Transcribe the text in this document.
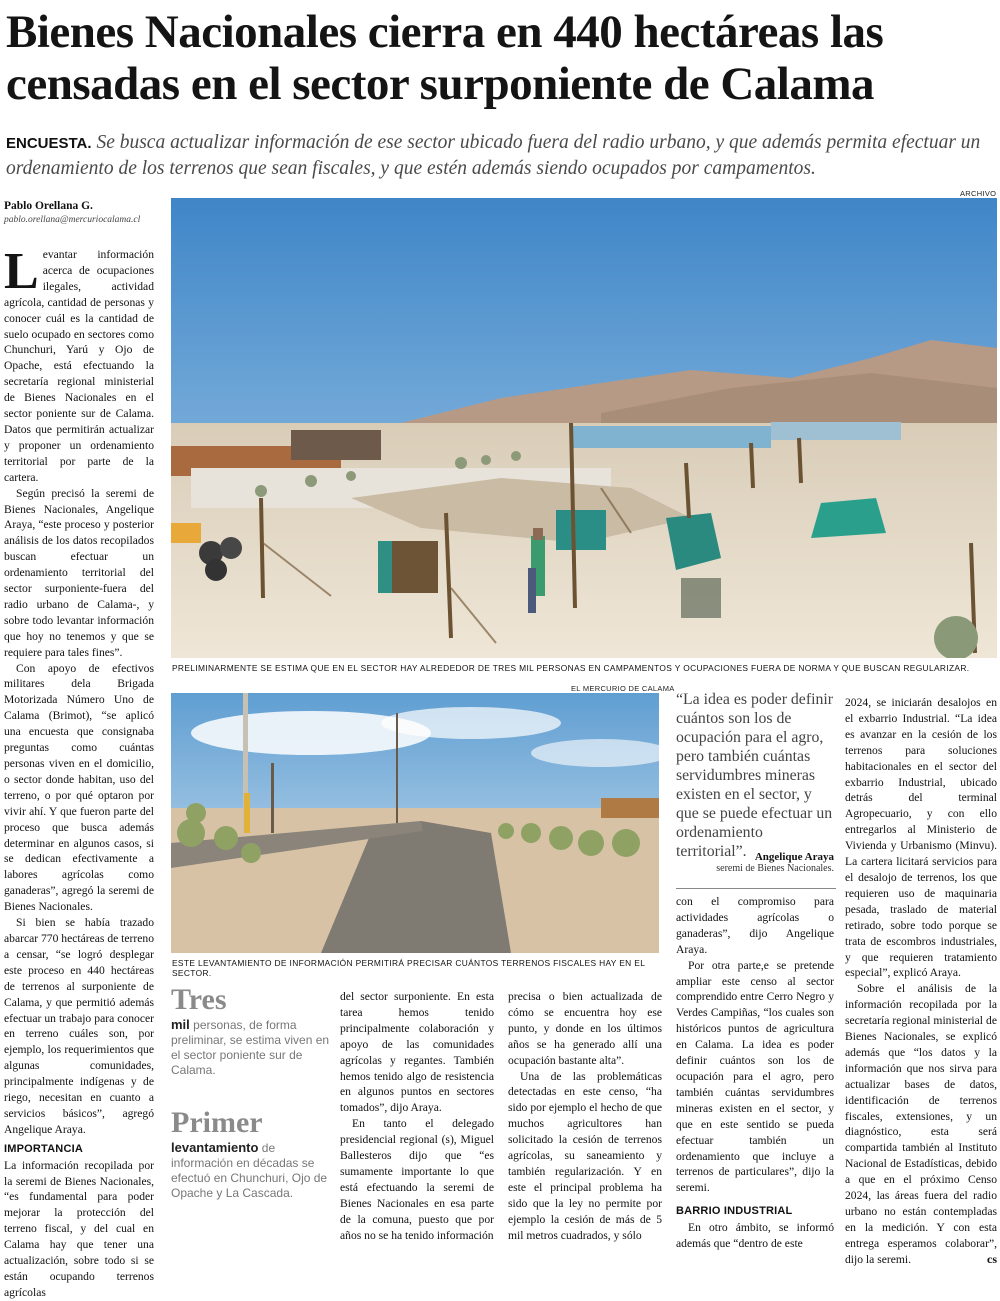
Bienes Nacionales cierra en 440 hectáreas las censadas en el sector surponiente de Calama
ENCUESTA. Se busca actualizar información de ese sector ubicado fuera del radio urbano, y que además permita efectuar un ordenamiento de los terrenos que sean fiscales, y que estén además siendo ocupados por campamentos.
Pablo Orellana G.
pablo.orellana@mercuriocalama.cl
ARCHIVO
PRELIMINARMENTE SE ESTIMA QUE EN EL SECTOR HAY ALREDEDOR DE TRES MIL PERSONAS EN CAMPAMENTOS Y OCUPACIONES FUERA DE NORMA Y QUE BUSCAN REGULARIZAR.
EL MERCURIO DE CALAMA
ESTE LEVANTAMIENTO DE INFORMACIÓN PERMITIRÁ PRECISAR CUÁNTOS TERRENOS FISCALES HAY EN EL SECTOR.

Levantar información acerca de ocupaciones ilegales, actividad agrícola, cantidad de personas y conocer cuál es la cantidad de suelo ocupado en sectores como Chunchuri, Yarú y Ojo de Opache, está efectuando la secretaría regional ministerial de Bienes Nacionales en el sector poniente sur de Calama. Datos que permitirán actualizar y proponer un ordenamiento territorial por parte de la cartera.

Según precisó la seremi de Bienes Nacionales, Angelique Araya, “este proceso y posterior análisis de los datos recopilados buscan efectuar un ordenamiento territorial del sector surponiente-fuera del radio urbano de Calama-, y sobre todo levantar información que hoy no tenemos y que se requiere para tales fines”.

Con apoyo de efectivos militares dela Brigada Motorizada Número Uno de Calama (Brimot), “se aplicó una encuesta que consignaba preguntas como cuántas personas viven en el domicilio, o sector donde habitan, uso del terreno, o por qué optaron por vivir ahí. Y que fueron parte del proceso que busca además determinar en algunos casos, si se dedican efectivamente a labores agrícolas como ganaderas”, agregó la seremi de Bienes Nacionales.

Si bien se había trazado abarcar 770 hectáreas de terreno a censar, “se logró desplegar este proceso en 440 hectáreas de terrenos al surponiente de Calama, y que permitió además efectuar un trabajo para conocer en terreno cuáles son, por ejemplo, los requerimientos que algunas comunidades, principalmente indígenas y de riego, necesitan en cuanto a servicios básicos”, agregó Angelique Araya.

IMPORTANCIA

La información recopilada por la seremi de Bienes Nacionales, “es fundamental para poder mejorar la protección del terreno fiscal, y del cual en Calama hay que tener una actualización, sobre todo si se están ocupando terrenos agrícolas

Tres
mil personas, de forma preliminar, se estima viven en el sector poniente sur de Calama.
Primer
levantamiento de información en décadas se efectuó en Chunchuri, Ojo de Opache y La Cascada.

del sector surponiente. En esta tarea hemos tenido principalmente colaboración y apoyo de las comunidades agrícolas y regantes. También hemos tenido algo de resistencia en algunos puntos en sectores tomados”, dijo Araya.

En tanto el delegado presidencial regional (s), Miguel Ballesteros dijo que “es sumamente importante lo que está efectuando la seremi de Bienes Nacionales en esa parte de la comuna, puesto que por años no se ha tenido información

precisa o bien actualizada de cómo se encuentra hoy ese punto, y donde en los últimos años se ha generado allí una ocupación bastante alta”.

Una de las problemáticas detectadas en este censo, “ha sido por ejemplo el hecho de que muchos agricultores han solicitado la cesión de terrenos agrícolas, su saneamiento y también regularización. Y en este el principal problema ha sido que la ley no permite por ejemplo la cesión de más de 5 mil metros cuadrados, y sólo

“La idea es poder definir cuántos son los de ocupación para el agro, pero también cuántas servidumbres mineras existen en el sector, y que se puede efectuar un ordenamiento territorial”. Angelique Araya
seremi de Bienes Nacionales.

con el compromiso para actividades agrícolas o ganaderas”, dijo Angelique Araya.

Por otra parte,e se pretende ampliar este censo al sector comprendido entre Cerro Negro y Verdes Campiñas, “los cuales son históricos puntos de agricultura en Calama. La idea es poder definir cuántos son los de ocupación para el agro, pero también cuántas servidumbres mineras existen en el sector, y que en este sentido se pueda efectuar también un ordenamiento que incluye a terrenos de particulares”, dijo la seremi.

BARRIO INDUSTRIAL

En otro ámbito, se informó además que “dentro de este

2024, se iniciarán desalojos en el exbarrio Industrial. “La idea es avanzar en la cesión de los terrenos para soluciones habitacionales en el sector del exbarrio Industrial, ubicado detrás del terminal Agropecuario, y con ello entregarlos al Ministerio de Vivienda y Urbanismo (Minvu). La cartera licitará servicios para el desalojo de terrenos, los que requieren uso de maquinaria pesada, traslado de material retirado, sobre todo porque se trata de escombros industriales, y que requieren tratamiento especial”, explicó Araya.

Sobre el análisis de la información recopilada por la secretaría regional ministerial de Bienes Nacionales, se explicó además que “los datos y la información que nos sirva para actualizar bases de datos, identificación de terrenos fiscales, extensiones, y un diagnóstico, esta será compartida también al Instituto Nacional de Estadísticas, debido a que en el próximo Censo 2024, las áreas fuera del radio urbano no están contempladas en la medición. Y con esta entrega esperamos colaborar”, dijo la seremi.	cs
